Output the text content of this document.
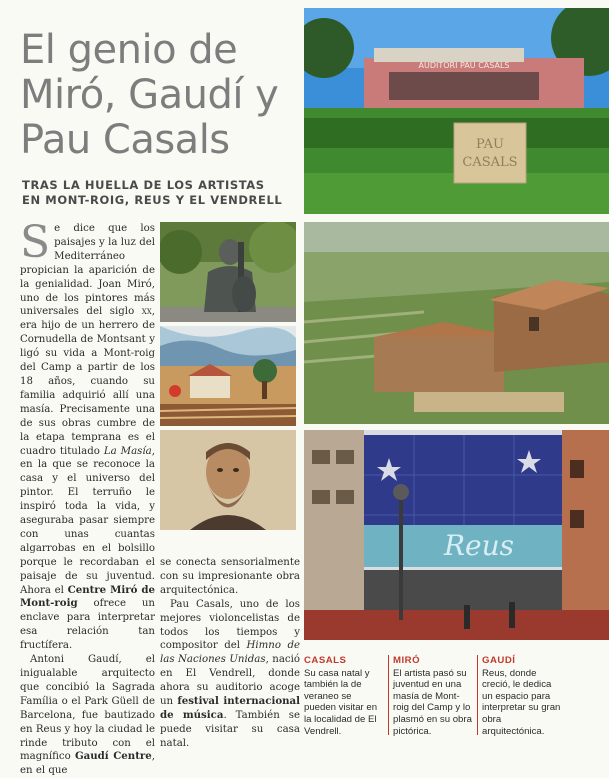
El genio de Miró, Gaudí y Pau Casals
TRAS LA HUELLA DE LOS ARTISTAS
EN MONT-ROIG, REUS Y EL VENDRELL

Se dice que los paisajes y la luz del Mediterráneo propician la aparición de la genialidad. Joan Miró, uno de los pintores más universales del siglo xx, era hijo de un herrero de Cornudella de Montsant y ligó su vida a Mont-roig del Camp a partir de los 18 años, cuando su familia adquirió allí una masía. Precisamente una de sus obras cumbre de la etapa temprana es el cuadro titulado La Masía, en la que se reconoce la casa y el universo del pintor. El terruño le inspiró toda la vida, y aseguraba pasar siempre con unas cuantas algarrobas en el bolsillo porque le recordaban el paisaje de su juventud. Ahora el Centre Miró de Mont-roig ofrece un enclave para interpretar esa relación tan fructífera.

Antoni Gaudí, el inigualable arquitecto que concibió la Sagrada Família o el Park Güell de Barcelona, fue bautizado en Reus y hoy la ciudad le rinde tributo con el magnífico Gaudí Centre, en el que

se conecta sensorialmente con su impresionante obra arquitectónica.

Pau Casals, uno de los mejores violoncelistas de todos los tiempos y compositor del Himno de las Naciones Unidas, nació en El Vendrell, donde ahora su auditorio acoge un festival internacional de música. También se puede visitar su casa natal.

AUDITORI PAU CASALS
PAU
CASALS
Reus
CASALS
Su casa natal y también la de veraneo se pueden visitar en la localidad de El Vendrell.
MIRÓ
El artista pasó su juventud en una masía de Mont-roig del Camp y lo plasmó en su obra pictórica.
GAUDÍ
Reus, donde creció, le dedica un espacio para interpretar su gran obra arquitectónica.
